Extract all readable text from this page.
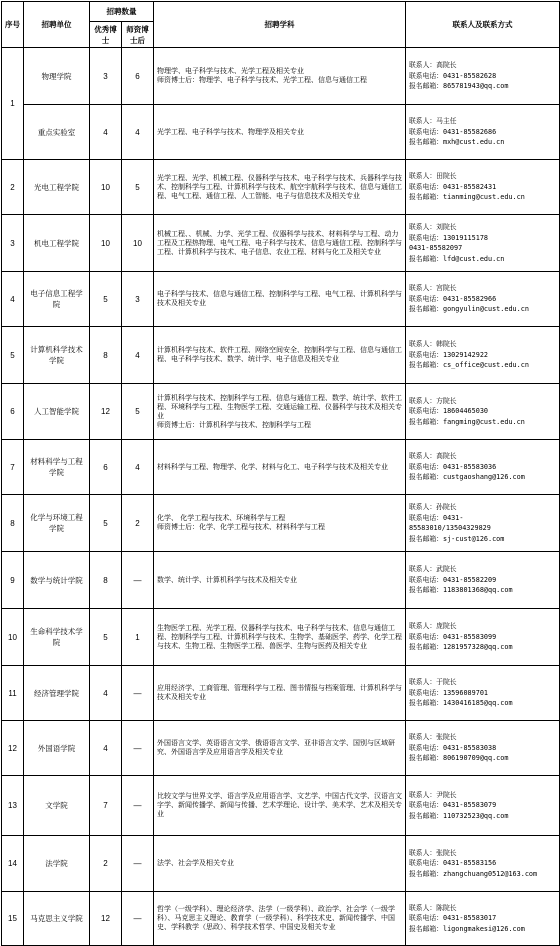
序号	招聘单位	招聘数量		招聘学科	联系人及联系方式
		优秀博士	师资博士后		
1	物理学院	3	6	物理学、电子科学与技术、光学工程及相关专业
师资博士后：物理学、电子科学与技术、光学工程、信息与通信工程	联系人：高院长
联系电话：0431-85582628
报名邮箱：865781943@qq.com

	重点实验室	4	4	光学工程、电子科学与技术、物理学及相关专业	联系人：马主任
联系电话：0431-85582686
报名邮箱：mxh@cust.edu.cn

2	光电工程学院	10	5	光学工程、光学、机械工程、仪器科学与技术、电子科学与技术、兵器科学与技术、控制科学与工程、计算机科学与技术、航空宇航科学与技术、信息与通信工程、电气工程、通信工程、人工智能、电子与信息技术及相关专业	联系人：田院长
联系电话：0431-85582431
报名邮箱：tianming@cust.edu.cn

3	机电工程学院	10	10	机械工程、、机械、力学、光学工程、仪器科学与技术、材料科学与工程、动力工程及工程热物理、电气工程、电子科学与技术、信息与通信工程、控制科学与工程、计算机科学与技术、电子信息、农业工程、材料与化工及相关专业	联系人：刘院长
联系电话：13019115178
0431-85582097
报名邮箱：lfd@cust.edu.cn

4	电子信息工程学院	5	3	电子科学与技术、信息与通信工程、控制科学与工程、电气工程、计算机科学与技术及相关专业	联系人：宫院长
联系电话：0431-85582966
报名邮箱：gongyulin@cust.edu.cn

5	计算机科学技术学院	8	4	计算机科学与技术、软件工程、网络空间安全、控制科学与工程、信息与通信工程、电子科学与技术、数学、统计学、电子信息及相关专业	联系人：韩院长
联系电话：13029142922
报名邮箱：cs_office@cust.edu.cn

6	人工智能学院	12	5	计算机科学与技术、控制科学与工程、信息与通信工程、数学、统计学、软件工程、环境科学与工程、生物医学工程、交通运输工程、仪器科学与技术及相关专业
师资博士后：计算机科学与技术、控制科学与工程	联系人：方院长
联系电话：18604465030
报名邮箱：fangming@cust.edu.cn

7	材料科学与工程学院	6	4	材料科学与工程、物理学、化学、材料与化工、电子科学与技术及相关专业	联系人：高院长
联系电话：0431-85583036
报名邮箱：custgaoshang@126.com

8	化学与环境工程学院	5	2	化学、 化学工程与技术、环境科学与工程
师资博士后：化学、化学工程与技术、材料科学与工程	联系人：孙院长
联系电话：0431-
85583010/13504329829
报名邮箱：sj-cust@126.com

9	数学与统计学院	8	—	数学、统计学、计算机科学与技术及相关专业	联系人：武院长
联系电话：0431-85582209
报名邮箱：1183801368@qq.com

10	生命科学技术学院	5	1	生物医学工程、光学工程、仪器科学与技术、电子科学与技术、信息与通信工程、控制科学与工程、计算机科学与技术、生物学、基础医学、药学、化学工程与技术、生物工程、生物医学工程、兽医学、生物与医药及相关专业	联系人：庞院长
联系电话：0431-85583099
报名邮箱：1281957328@qq.com

11	经济管理学院	4	—	应用经济学、工商管理、管理科学与工程、图书情报与档案管理、计算机科学与技术及相关专业	联系人：于院长
联系电话：13596089701
报名邮箱：1430416185@qq.com

12	外国语学院	4	—	外国语言文学、英语语言文学、俄语语言文学、亚非语言文学、国别与区域研究、外国语言学及应用语言学及相关专业	联系人：张院长
联系电话：0431-85583038
报名邮箱：806190709@qq.com

13	文学院	7	—	比较文学与世界文学、语言学及应用语言学、文艺学、中国古代文学、汉语言文字学、新闻传播学、新闻与传播、艺术学理论、设计学、美术学、艺术及相关专业	联系人：尹院长
联系电话：0431-85583079
报名邮箱：110732523@qq.com

14	法学院	2	—	法学、社会学及相关专业	联系人：张院长
联系电话：0431-85583156
报名邮箱：zhangchuang0512@163.com

15	马克思主义学院	12	—	哲学（一级学科）、理论经济学、法学（一级学科）、政治学、社会学（一级学科）、马克思主义理论、教育学（一级学科）、科学技术史、新闻传播学、中国史、学科教学（思政）、科学技术哲学、中国史及相关专业	联系人：陈院长
联系电话：0431-85583017
报名邮箱：ligongmakesi@126.com
